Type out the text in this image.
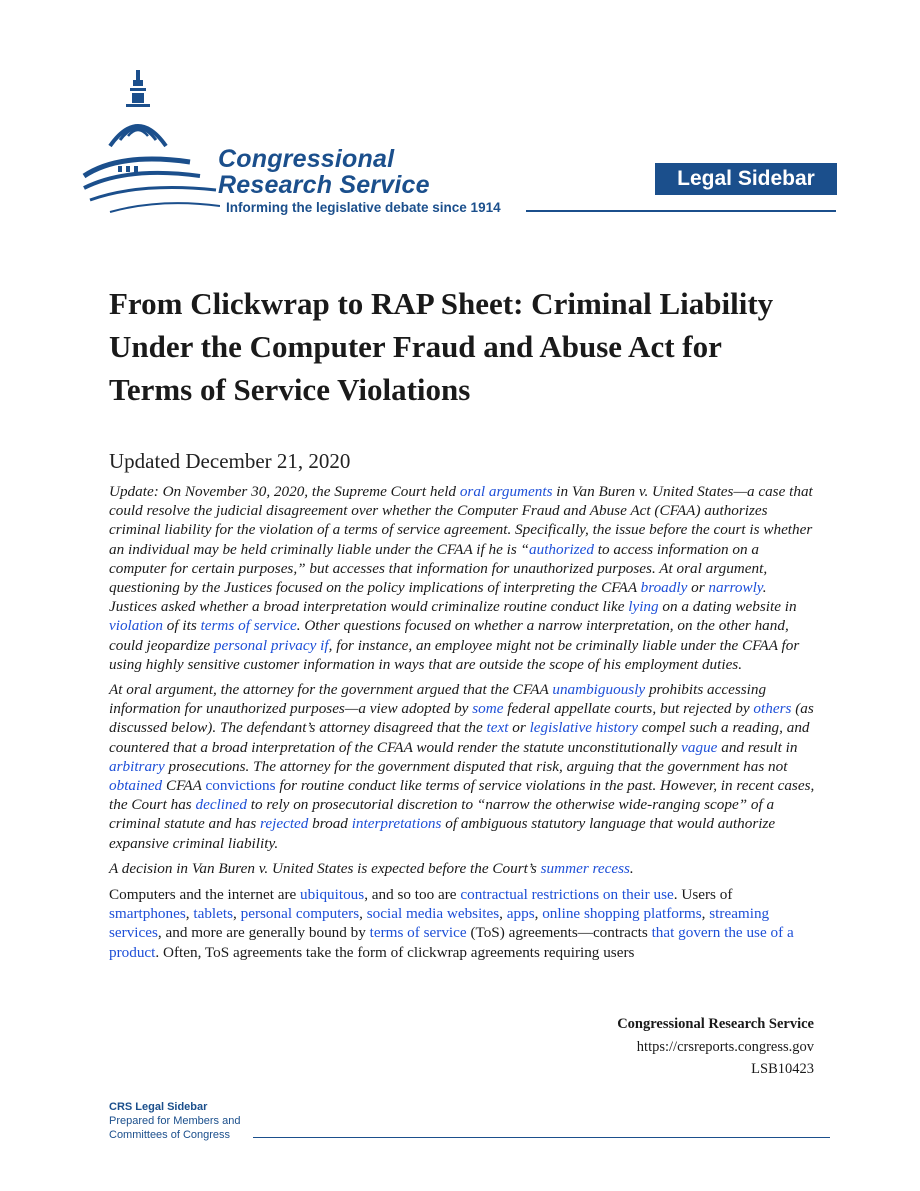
Congressional
Research Service
Informing the legislative debate since 1914
Legal Sidebar
From Clickwrap to RAP Sheet: Criminal Liability Under the Computer Fraud and Abuse Act for Terms of Service Violations
Updated December 21, 2020

Update: On November 30, 2020, the Supreme Court held oral arguments in Van Buren v. United States—a case that could resolve the judicial disagreement over whether the Computer Fraud and Abuse Act (CFAA) authorizes criminal liability for the violation of a terms of service agreement. Specifically, the issue before the court is whether an individual may be held criminally liable under the CFAA if he is “authorized to access information on a computer for certain purposes,” but accesses that information for unauthorized purposes. At oral argument, questioning by the Justices focused on the policy implications of interpreting the CFAA broadly or narrowly. Justices asked whether a broad interpretation would criminalize routine conduct like lying on a dating website in violation of its terms of service. Other questions focused on whether a narrow interpretation, on the other hand, could jeopardize personal privacy if, for instance, an employee might not be criminally liable under the CFAA for using highly sensitive customer information in ways that are outside the scope of his employment duties.

At oral argument, the attorney for the government argued that the CFAA unambiguously prohibits accessing information for unauthorized purposes—a view adopted by some federal appellate courts, but rejected by others (as discussed below). The defendant’s attorney disagreed that the text or legislative history compel such a reading, and countered that a broad interpretation of the CFAA would render the statute unconstitutionally vague and result in arbitrary prosecutions. The attorney for the government disputed that risk, arguing that the government has not obtained CFAA convictions for routine conduct like terms of service violations in the past. However, in recent cases, the Court has declined to rely on prosecutorial discretion to “narrow the otherwise wide-ranging scope” of a criminal statute and has rejected broad interpretations of ambiguous statutory language that would authorize expansive criminal liability.

A decision in Van Buren v. United States is expected before the Court’s summer recess.

Computers and the internet are ubiquitous, and so too are contractual restrictions on their use. Users of smartphones, tablets, personal computers, social media websites, apps, online shopping platforms, streaming services, and more are generally bound by terms of service (ToS) agreements—contracts that govern the use of a product. Often, ToS agreements take the form of clickwrap agreements requiring users

Congressional Research Service
https://crsreports.congress.gov
LSB10423
CRS Legal Sidebar
Prepared for Members and
Committees of Congress
